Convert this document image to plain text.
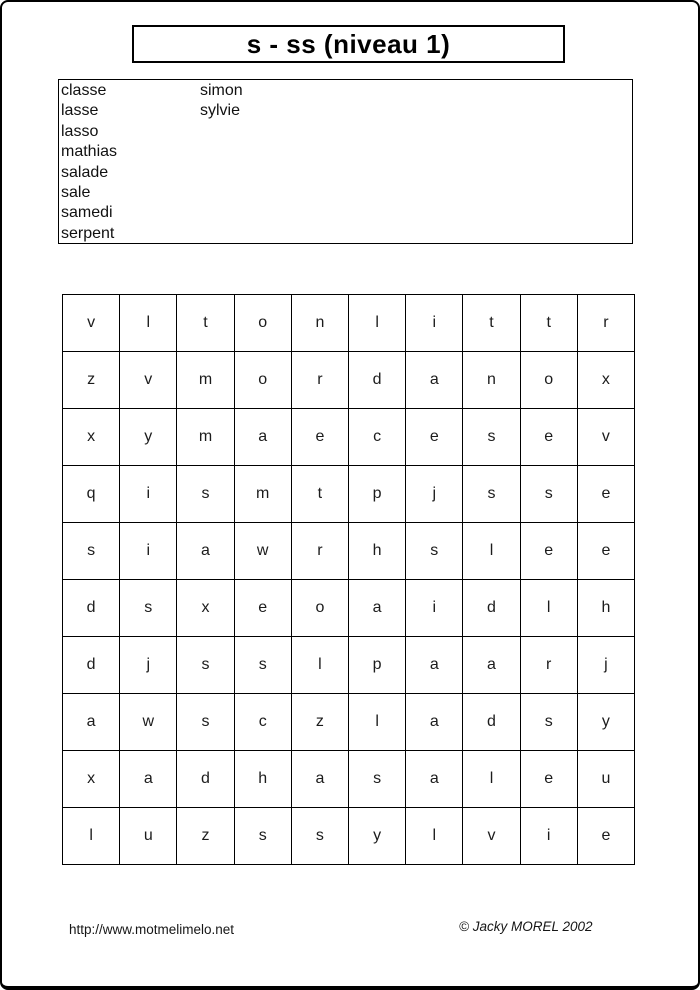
s - ss (niveau 1)
classe
lasse
lasso
mathias
salade
sale
samedi
serpent
simon
sylvie
v	l	t	o	n	l	i	t	t	r
z	v	m	o	r	d	a	n	o	x
x	y	m	a	e	c	e	s	e	v
q	i	s	m	t	p	j	s	s	e
s	i	a	w	r	h	s	l	e	e
d	s	x	e	o	a	i	d	l	h
d	j	s	s	l	p	a	a	r	j
a	w	s	c	z	l	a	d	s	y
x	a	d	h	a	s	a	l	e	u
l	u	z	s	s	y	l	v	i	e
http://www.motmelimelo.net	© Jacky MOREL 2002
